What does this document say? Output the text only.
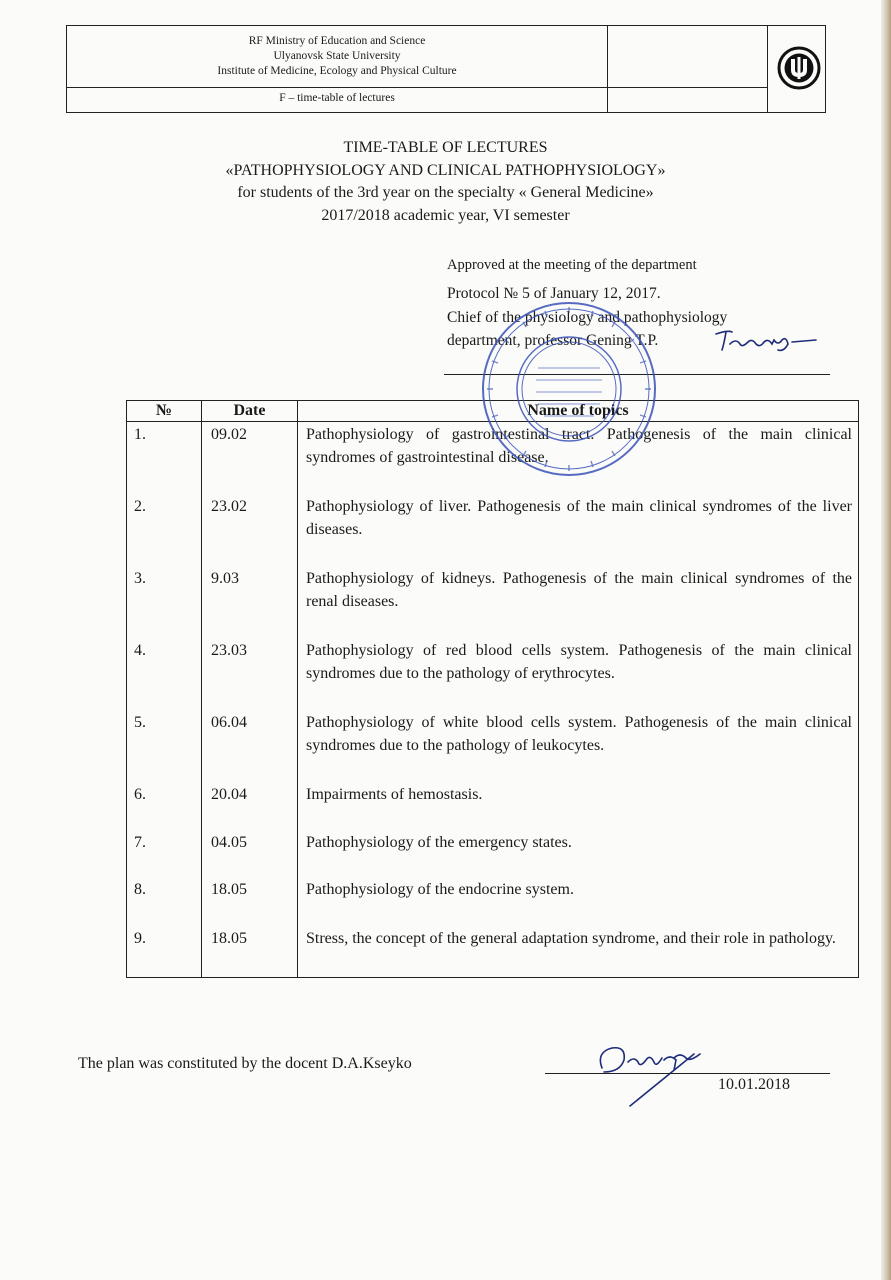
RF Ministry of Education and Science
Ulyanovsk State University
Institute of Medicine, Ecology and Physical Culture
F – time-table of lectures
TIME-TABLE OF LECTURES
«PATHOPHYSIOLOGY AND CLINICAL PATHOPHYSIOLOGY»
for students of the 3rd year on the specialty « General Medicine»
2017/2018 academic year, VI semester
Approved at the meeting of the department
Protocol № 5 of January 12, 2017.
Chief of the physiology and pathophysiology
department, professor Gening T.P.
№	Date	Name of topics
1.	09.02	Pathophysiology of gastrointestinal tract. Pathogenesis of the main clinical syndromes of gastrointestinal disease.
2.	23.02	Pathophysiology of liver. Pathogenesis of the main clinical syndromes of the liver diseases.
3.	9.03	Pathophysiology of kidneys. Pathogenesis of the main clinical syndromes of the renal diseases.
4.	23.03	Pathophysiology of red blood cells system. Pathogenesis of the main clinical syndromes due to the pathology of erythrocytes.
5.	06.04	Pathophysiology of white blood cells system. Pathogenesis of the main clinical syndromes due to the pathology of leukocytes.
6.	20.04	Impairments of hemostasis.
7.	04.05	Pathophysiology of the emergency states.
8.	18.05	Pathophysiology of the endocrine system.
9.	18.05	Stress, the concept of the general adaptation syndrome, and their role in pathology.
The plan was constituted by the docent D.A.Kseyko
10.01.2018
